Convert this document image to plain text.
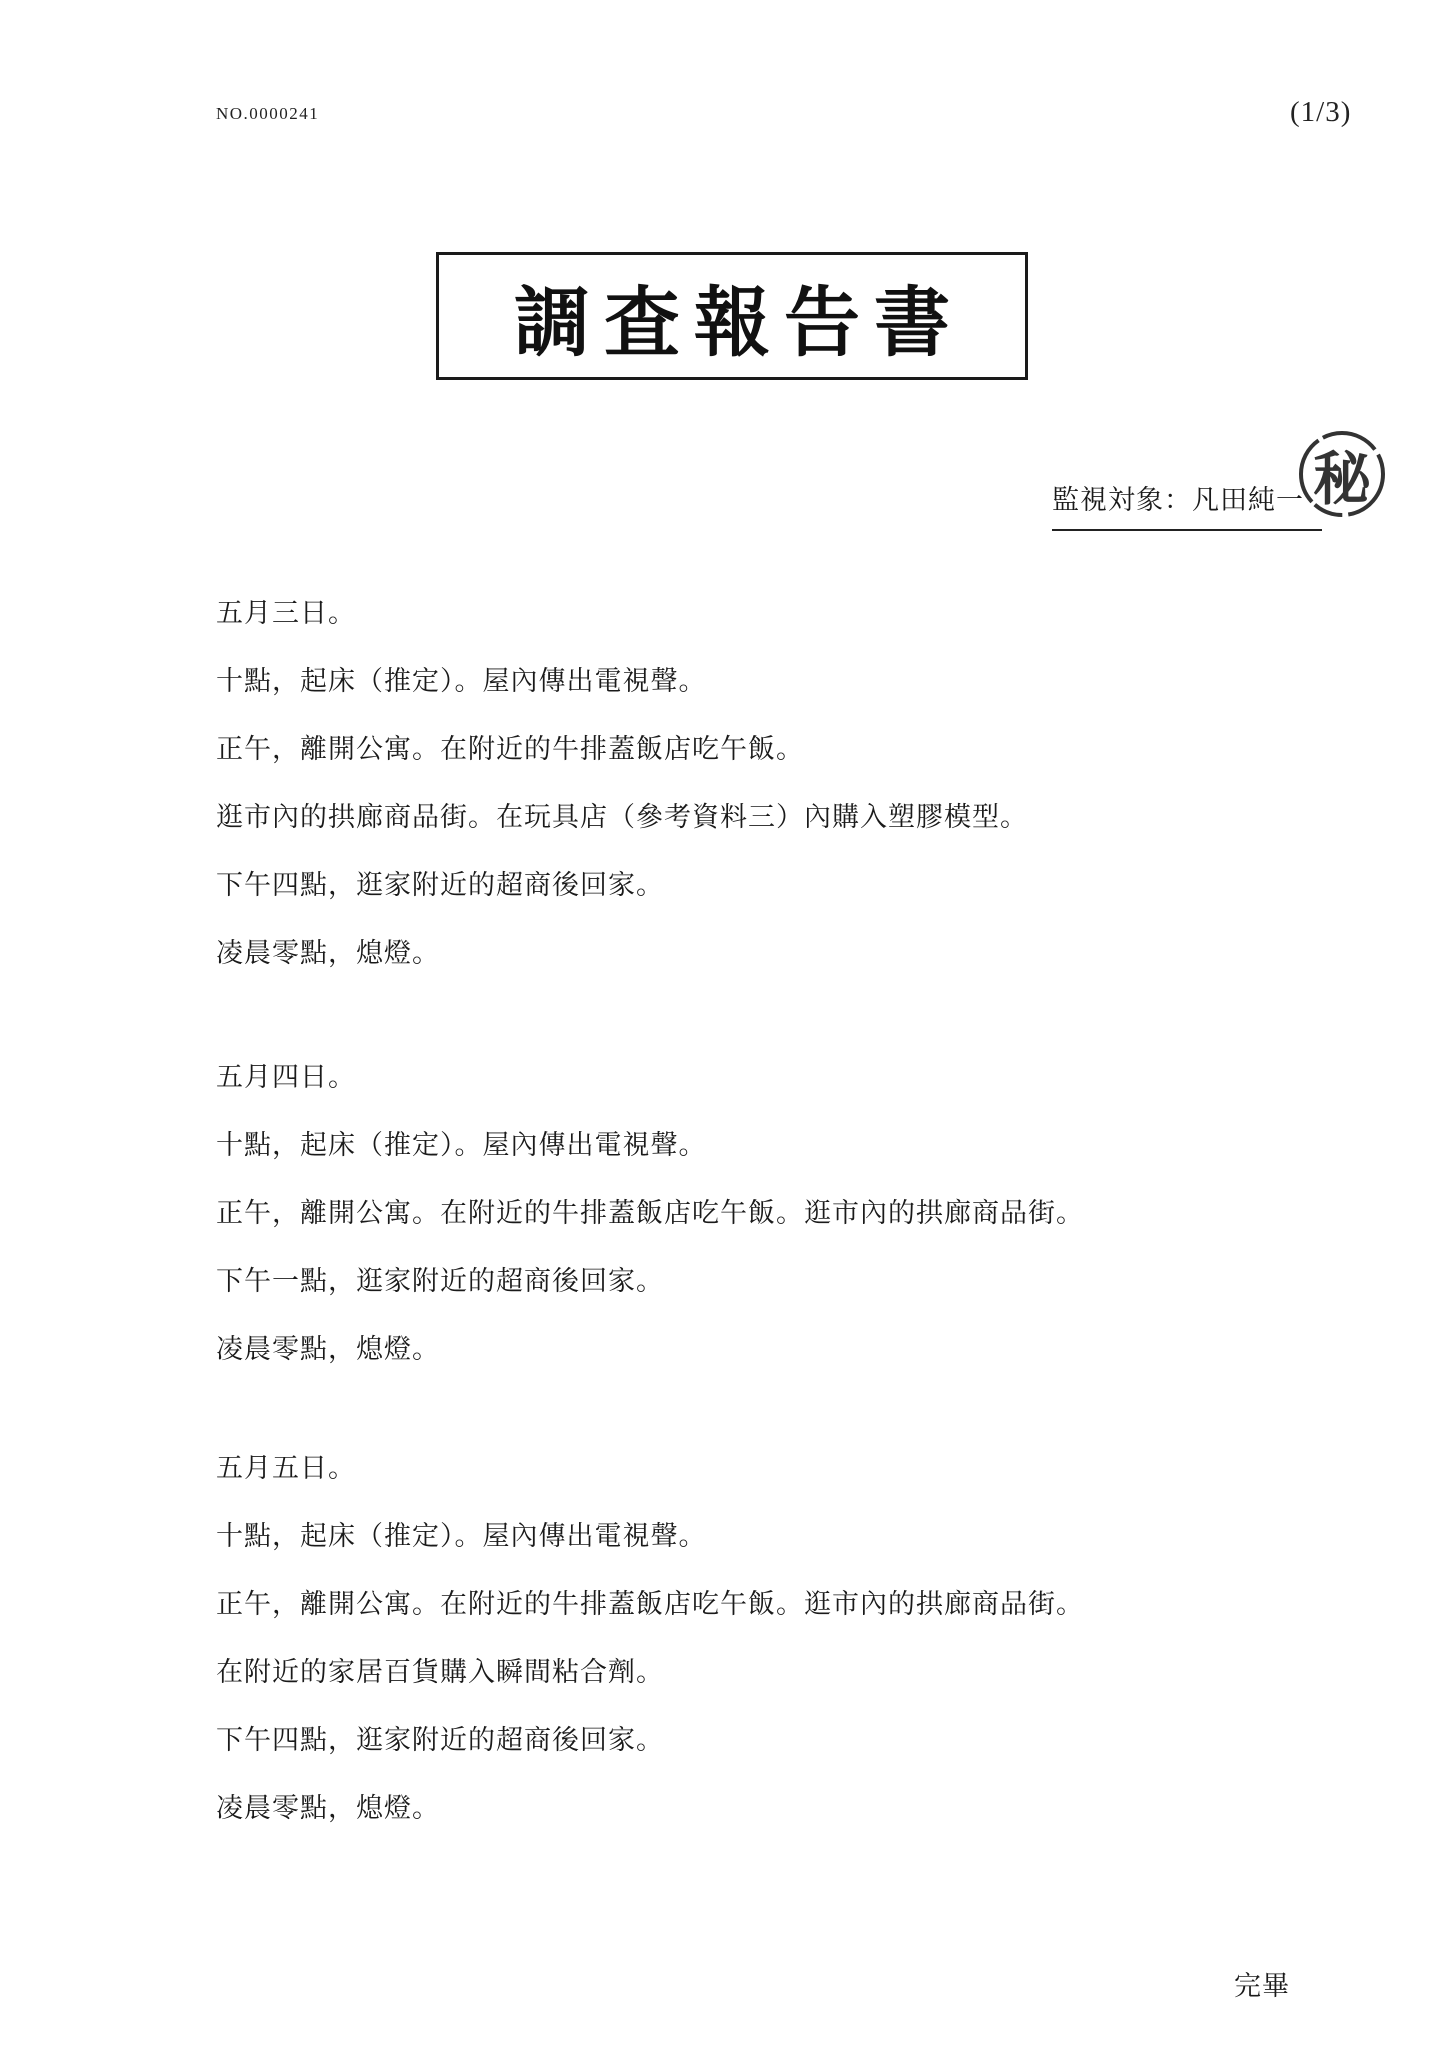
NO.0000241	(1/3)
調査報告書
監視対象：凡田純一 秘
五月三日。
十點，起床（推定）。屋內傳出電視聲。
正午，離開公寓。在附近的牛排蓋飯店吃午飯。
逛市內的拱廊商品街。在玩具店（參考資料三）內購入塑膠模型。
下午四點，逛家附近的超商後回家。
凌晨零點，熄燈。
五月四日。
十點，起床（推定）。屋內傳出電視聲。
正午，離開公寓。在附近的牛排蓋飯店吃午飯。逛市內的拱廊商品街。
下午一點，逛家附近的超商後回家。
凌晨零點，熄燈。
五月五日。
十點，起床（推定）。屋內傳出電視聲。
正午，離開公寓。在附近的牛排蓋飯店吃午飯。逛市內的拱廊商品街。
在附近的家居百貨購入瞬間粘合劑。
下午四點，逛家附近的超商後回家。
凌晨零點，熄燈。
完畢
